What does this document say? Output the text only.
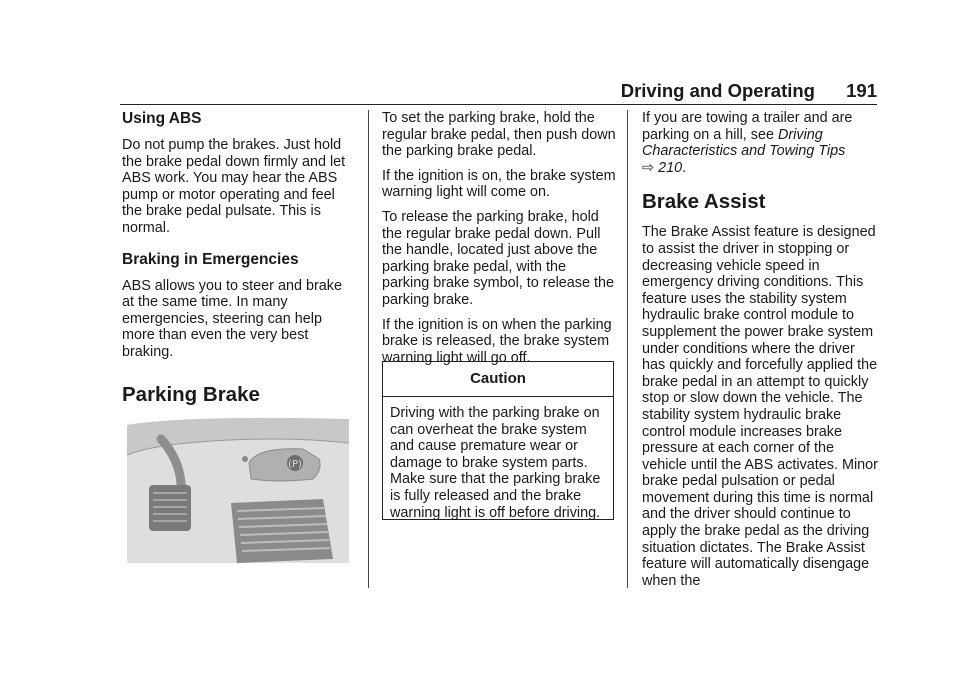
Driving and Operating 191
Using ABS

Do not pump the brakes. Just hold the brake pedal down firmly and let ABS work. You may hear the ABS pump or motor operating and feel the brake pedal pulsate. This is normal.

Braking in Emergencies

ABS allows you to steer and brake at the same time. In many emergencies, steering can help more than even the very best braking.

Parking Brake
(P)

To set the parking brake, hold the regular brake pedal, then push down the parking brake pedal.

If the ignition is on, the brake system warning light will come on.

To release the parking brake, hold the regular brake pedal down. Pull the handle, located just above the parking brake pedal, with the parking brake symbol, to release the parking brake.

If the ignition is on when the parking brake is released, the brake system warning light will go off.

Caution
Driving with the parking brake on can overheat the brake system and cause premature wear or damage to brake system parts. Make sure that the parking brake is fully released and the brake warning light is off before driving.

If you are towing a trailer and are parking on a hill, see Driving Characteristics and Towing Tips
⇨ 210.

Brake Assist

The Brake Assist feature is designed to assist the driver in stopping or decreasing vehicle speed in emergency driving conditions. This feature uses the stability system hydraulic brake control module to supplement the power brake system under conditions where the driver has quickly and forcefully applied the brake pedal in an attempt to quickly stop or slow down the vehicle. The stability system hydraulic brake control module increases brake pressure at each corner of the vehicle until the ABS activates. Minor brake pedal pulsation or pedal movement during this time is normal and the driver should continue to apply the brake pedal as the driving situation dictates. The Brake Assist feature will automatically disengage when the
